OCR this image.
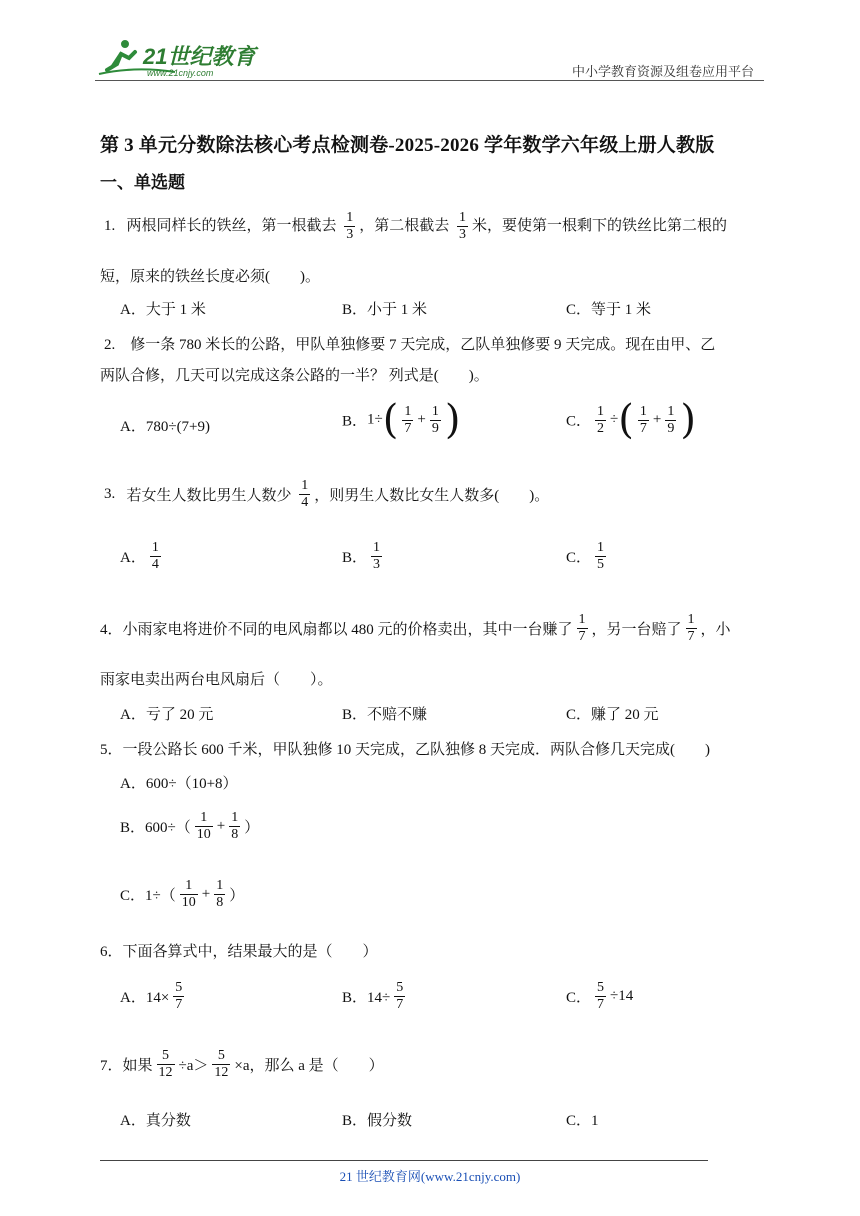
21世纪教育
www.21cnjy.com	中小学教育资源及组卷应用平台
第 3 单元分数除法核心考点检测卷-2025-2026 学年数学六年级上册人教版
一、单选题
1. 两根同样长的铁丝，第一根截去 $\frac{1}{3}$ ，第二根截去 $\frac{1}{3}$ 米，要使第一根剩下的铁丝比第二根的
短，原来的铁丝长度必须(　　)。
A．大于 1 米	B．小于 1 米	C．等于 1 米
2.　修一条 780 米长的公路，甲队单独修要 7 天完成，乙队单独修要 9 天完成。现在由甲、乙
两队合修，几天可以完成这条公路的一半？ 列式是(　　)。
A．780÷(7+9)	B．$1\div( \frac{1}{7} + \frac{1}{9}$ )	C． $\frac{1}{2}$ ÷( $\frac{1}{7} + \frac{1}{9}$ )
3. 若女生人数比男生人数少 $\frac{1}{4}$ ，则男生人数比女生人数多(　　)。
A． $\frac{1}{4}$	B． $\frac{1}{3}$	C． $\frac{1}{5}$
4．小雨家电将进价不同的电风扇都以 480 元的价格卖出，其中一台赚了 $\frac{1}{7}$ ，另一台赔了 $\frac{1}{7}$ ，小
雨家电卖出两台电风扇后（　　）。
A．亏了 20 元	B．不赔不赚	C．赚了 20 元
5．一段公路长 600 千米，甲队独修 10 天完成，乙队独修 8 天完成．两队合修几天完成(　　)
A．600÷（10+8）
B．$600\div( \frac{1}{10} + \frac{1}{8}$ ）
C．$1\div( \frac{1}{10} + \frac{1}{8}$ ）
6．下面各算式中，结果最大的是（　　）
A．$14\times \frac{5}{7}$	B．$14\div \frac{5}{7}$	C． $\frac{5}{7} \div 14$
7．如果 $\frac{5}{12} \div a> \frac{5}{12} \times a$，那么 a 是（　　）
A．真分数	B．假分数	C．1
21 世纪教育网(www.21cnjy.com)
